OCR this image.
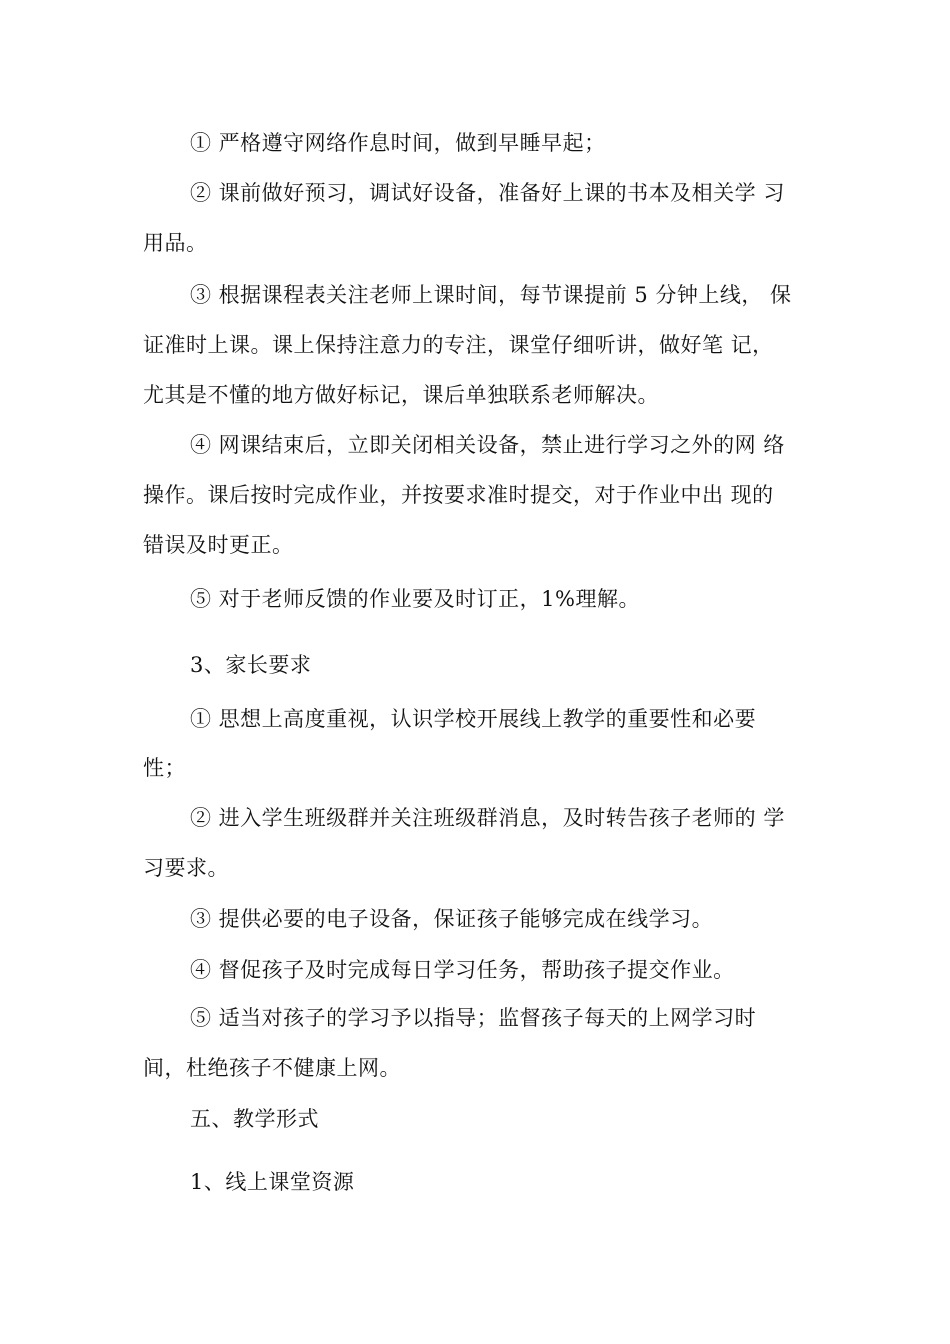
① 严格遵守网络作息时间，做到早睡早起；
② 课前做好预习，调试好设备，准备好上课的书本及相关学 习
用品。
③ 根据课程表关注老师上课时间，每节课提前 5 分钟上线， 保
证准时上课。课上保持注意力的专注，课堂仔细听讲，做好笔 记，
尤其是不懂的地方做好标记，课后单独联系老师解决。
④ 网课结束后，立即关闭相关设备，禁止进行学习之外的网 络
操作。课后按时完成作业，并按要求准时提交，对于作业中出 现的
错误及时更正。
⑤ 对于老师反馈的作业要及时订正，1%理解。
3、家长要求
① 思想上高度重视，认识学校开展线上教学的重要性和必要
性；
② 进入学生班级群并关注班级群消息，及时转告孩子老师的 学
习要求。
③ 提供必要的电子设备，保证孩子能够完成在线学习。
④ 督促孩子及时完成每日学习任务，帮助孩子提交作业。
⑤ 适当对孩子的学习予以指导；监督孩子每天的上网学习时
间，杜绝孩子不健康上网。
五、教学形式
1、线上课堂资源
